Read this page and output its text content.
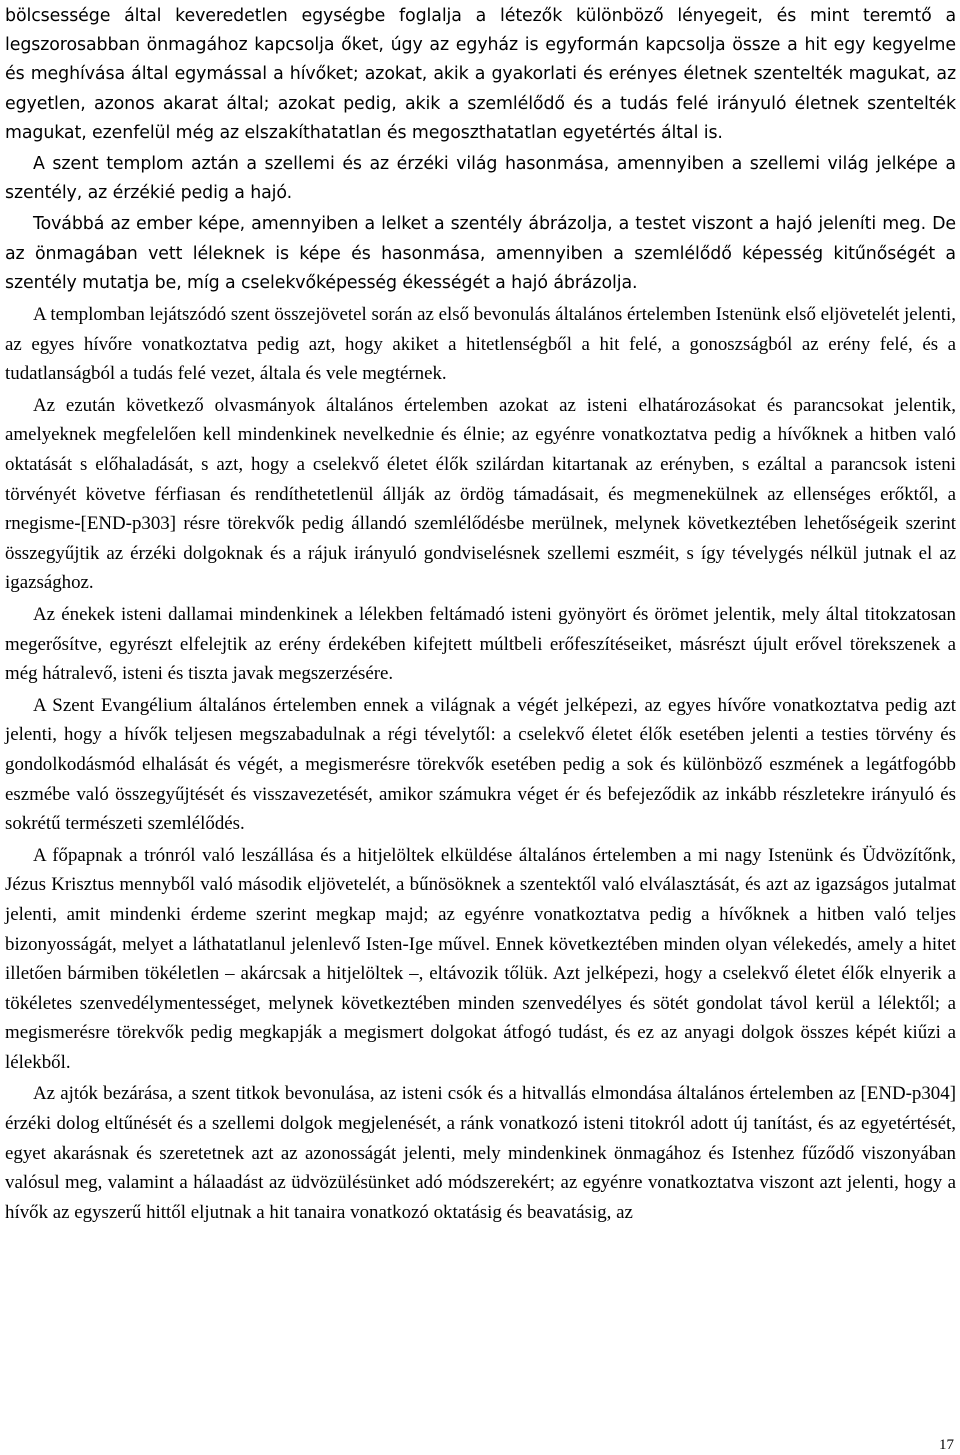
bölcsessége által keveredetlen egységbe foglalja a létezők különböző lényegeit, és mint teremtő a legszorosabban önmagához kapcsolja őket, úgy az egyház is egyformán kapcsolja össze a hit egy kegyelme és meghívása által egymással a hívőket; azokat, akik a gyakorlati és erényes életnek szentelték magukat, az egyetlen, azonos akarat által; azokat pedig, akik a szemlélődő és a tudás felé irányuló életnek szentelték magukat, ezenfelül még az elszakíthatatlan és megoszthatatlan egyetértés által is.

A szent templom aztán a szellemi és az érzéki világ hasonmása, amennyiben a szellemi világ jelképe a szentély, az érzékié pedig a hajó.

Továbbá az ember képe, amennyiben a lelket a szentély ábrázolja, a testet viszont a hajó jeleníti meg. De az önmagában vett léleknek is képe és hasonmása, amennyiben a szemlélődő képesség kitűnőségét a szentély mutatja be, míg a cselekvőképesség ékességét a hajó ábrázolja.

A templomban lejátszódó szent összejövetel során az első bevonulás általános értelemben Istenünk első eljövetelét jelenti, az egyes hívőre vonatkoztatva pedig azt, hogy akiket a hitetlenségből a hit felé, a gonoszságból az erény felé, és a tudatlanságból a tudás felé vezet, általa és vele megtérnek.

Az ezután következő olvasmányok általános értelemben azokat az isteni elhatározásokat és parancsokat jelentik, amelyeknek megfelelően kell mindenkinek nevelkednie és élnie; az egyénre vonatkoztatva pedig a hívőknek a hitben való oktatását s előhaladását, s azt, hogy a cselekvő életet élők szilárdan kitartanak az erényben, s ezáltal a parancsok isteni törvényét követve férfiasan és rendíthetetlenül állják az ördög támadásait, és megmenekülnek az ellenséges erőktől, a rnegisme-[END-p303] résre törekvők pedig állandó szemlélődésbe merülnek, melynek következtében lehetőségeik szerint összegyűjtik az érzéki dolgoknak és a rájuk irányuló gondviselésnek szellemi eszméit, s így tévelygés nélkül jutnak el az igazsághoz.

Az énekek isteni dallamai mindenkinek a lélekben feltámadó isteni gyönyört és örömet jelentik, mely által titokzatosan megerősítve, egyrészt elfelejtik az erény érdekében kifejtett múltbeli erőfeszítéseiket, másrészt újult erővel törekszenek a még hátralevő, isteni és tiszta javak megszerzésére.

A Szent Evangélium általános értelemben ennek a világnak a végét jelképezi, az egyes hívőre vonatkoztatva pedig azt jelenti, hogy a hívők teljesen megszabadulnak a régi tévelytől: a cselekvő életet élők esetében jelenti a testies törvény és gondolkodásmód elhalását és végét, a megismerésre törekvők esetében pedig a sok és különböző eszmének a legátfogóbb eszmébe való összegyűjtését és visszavezetését, amikor számukra véget ér és befejeződik az inkább részletekre irányuló és sokrétű természeti szemlélődés.

A főpapnak a trónról való leszállása és a hitjelöltek elküldése általános értelemben a mi nagy Istenünk és Üdvözítőnk, Jézus Krisztus mennyből való második eljövetelét, a bűnösöknek a szentektől való elválasztását, és azt az igazságos jutalmat jelenti, amit mindenki érdeme szerint megkap majd; az egyénre vonatkoztatva pedig a hívőknek a hitben való teljes bizonyosságát, melyet a láthatatlanul jelenlevő Isten-Ige művel. Ennek következtében minden olyan vélekedés, amely a hitet illetően bármiben tökéletlen – akárcsak a hitjelöltek –, eltávozik tőlük. Azt jelképezi, hogy a cselekvő életet élők elnyerik a tökéletes szenvedélymentességet, melynek következtében minden szenvedélyes és sötét gondolat távol kerül a lélektől; a megismerésre törekvők pedig megkapják a megismert dolgokat átfogó tudást, és ez az anyagi dolgok összes képét kiűzi a lélekből.

Az ajtók bezárása, a szent titkok bevonulása, az isteni csók és a hitvallás elmondása általános értelemben az [END-p304] érzéki dolog eltűnését és a szellemi dolgok megjelenését, a ránk vonatkozó isteni titokról adott új tanítást, és az egyetértését, egyet akarásnak és szeretetnek azt az azonosságát jelenti, mely mindenkinek önmagához és Istenhez fűződő viszonyában valósul meg, valamint a hálaadást az üdvözülésünket adó módszerekért; az egyénre vonatkoztatva viszont azt jelenti, hogy a hívők az egyszerű hittől eljutnak a hit tanaira vonatkozó oktatásig és beavatásig, az

17
